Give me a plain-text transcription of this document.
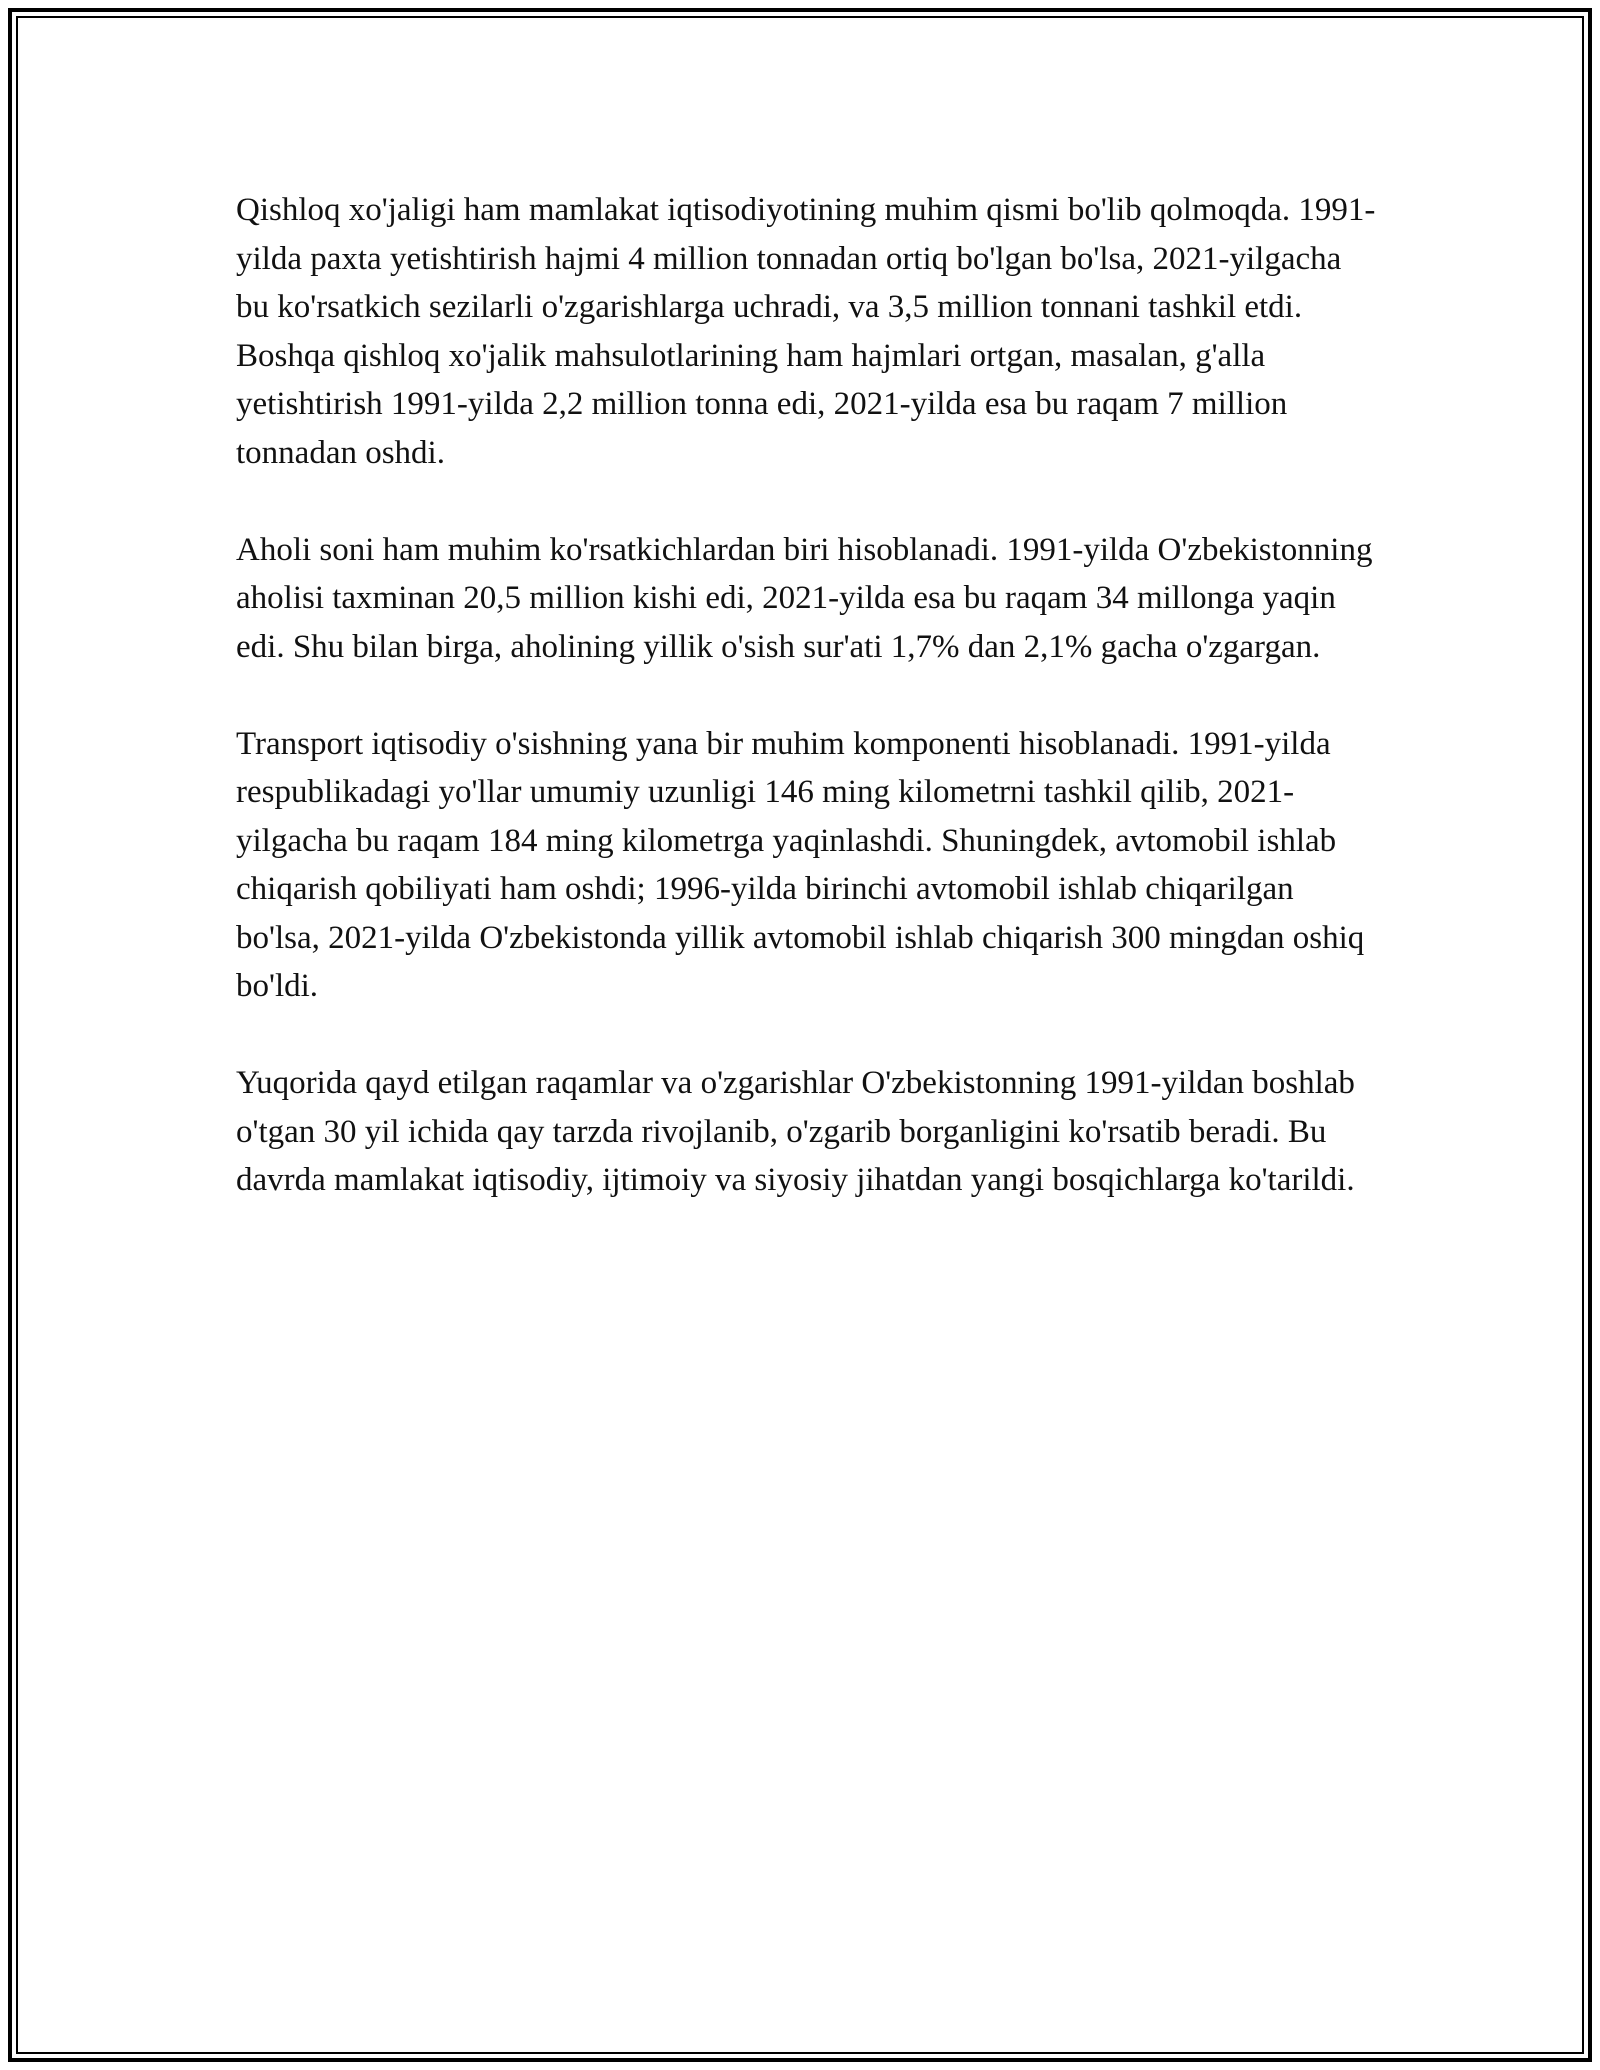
Qishloq xo'jaligi ham mamlakat iqtisodiyotining muhim qismi bo'lib qolmoqda. 1991-yilda paxta yetishtirish hajmi 4 million tonnadan ortiq bo'lgan bo'lsa, 2021-yilgacha bu ko'rsatkich sezilarli o'zgarishlarga uchradi, va 3,5 million tonnani tashkil etdi. Boshqa qishloq xo'jalik mahsulotlarining ham hajmlari ortgan, masalan, g'alla yetishtirish 1991-yilda 2,2 million tonna edi, 2021-yilda esa bu raqam 7 million tonnadan oshdi.

Aholi soni ham muhim ko'rsatkichlardan biri hisoblanadi. 1991-yilda O'zbekistonning aholisi taxminan 20,5 million kishi edi, 2021-yilda esa bu raqam 34 millonga yaqin edi. Shu bilan birga, aholining yillik o'sish sur'ati 1,7% dan 2,1% gacha o'zgargan.

Transport iqtisodiy o'sishning yana bir muhim komponenti hisoblanadi. 1991-yilda respublikadagi yo'llar umumiy uzunligi 146 ming kilometrni tashkil qilib, 2021-yilgacha bu raqam 184 ming kilometrga yaqinlashdi. Shuningdek, avtomobil ishlab chiqarish qobiliyati ham oshdi; 1996-yilda birinchi avtomobil ishlab chiqarilgan bo'lsa, 2021-yilda O'zbekistonda yillik avtomobil ishlab chiqarish 300 mingdan oshiq bo'ldi.

Yuqorida qayd etilgan raqamlar va o'zgarishlar O'zbekistonning 1991-yildan boshlab o'tgan 30 yil ichida qay tarzda rivojlanib, o'zgarib borganligini ko'rsatib beradi. Bu davrda mamlakat iqtisodiy, ijtimoiy va siyosiy jihatdan yangi bosqichlarga ko'tarildi.
